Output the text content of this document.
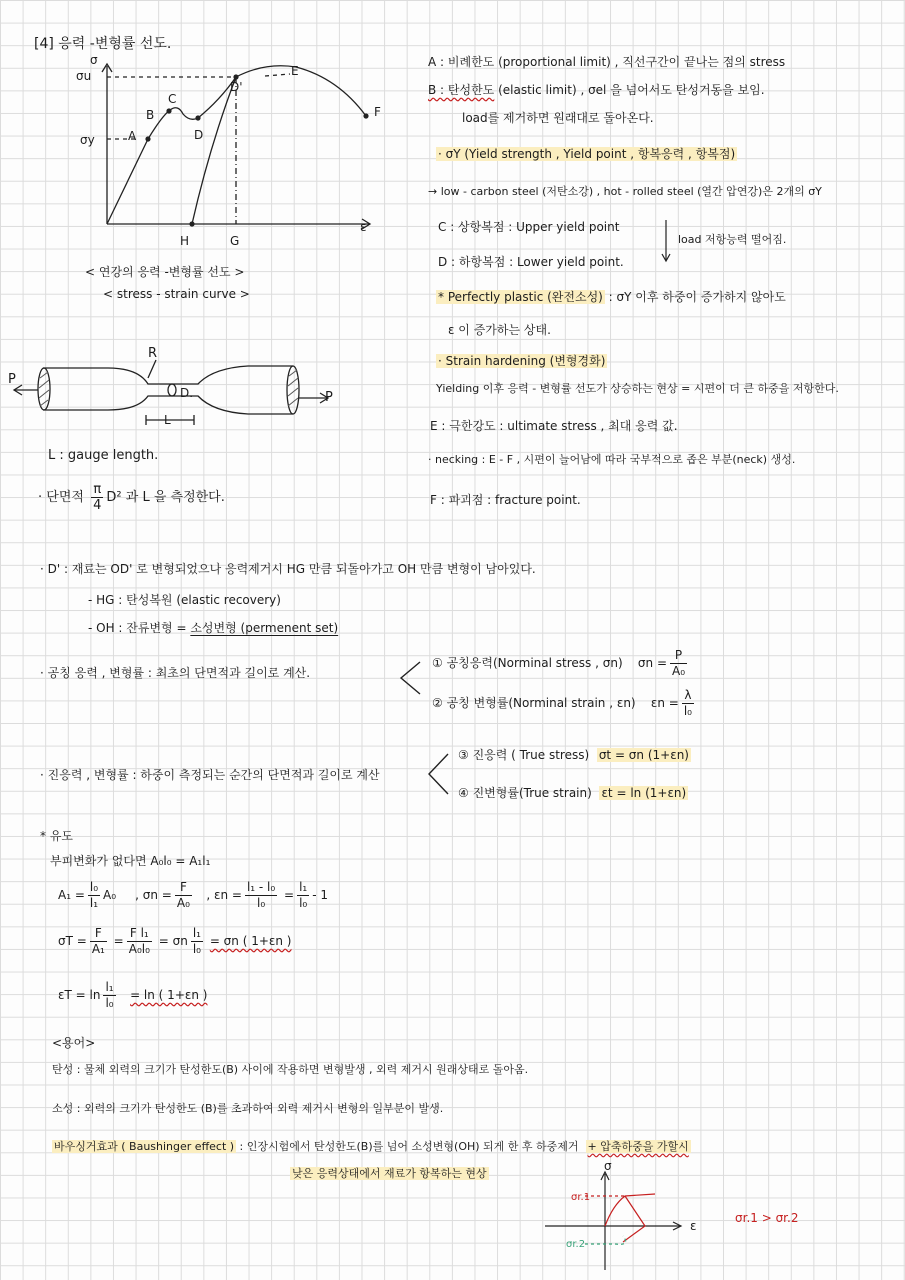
[4] 응력 -변형률 선도.
σ
ε
σu
σy	A
B
C
D
D'
E
F
H	G
< 연강의 응력 -변형률 선도 >
< stress - strain curve >
P
P
R
D.
L
L : gauge length.
· 단면적 $\frac{\pi}{4} D^2$ 과 L 을 측정한다.
A : 비례한도 (proportional limit) , 직선구간이 끝나는 점의 stress
B : 탄성한도 (elastic limit) , σel 을 넘어서도 탄성거동을 보임.
load를 제거하면 원래대로 돌아온다.
· σY (Yield strength , Yield point , 항복응력 , 항복점)
→ low - carbon steel (저탄소강) , hot - rolled steel (열간 압연강)은 2개의 σY
C : 상항복점 : Upper yield point
load 저항능력 떨어짐.
D : 하항복점 : Lower yield point.
* Perfectly plastic (완전소성) : σY 이후 하중이 증가하지 않아도
ε 이 증가하는 상태.
· Strain hardening (변형경화)
Yielding 이후 응력 - 변형률 선도가 상승하는 현상 = 시편이 더 큰 하중을 저항한다.
E : 극한강도 : ultimate stress , 최대 응력 값.
· necking : E - F , 시편이 늘어남에 따라 국부적으로 좁은 부분(neck) 생성.
F : 파괴점 : fracture point.
· D' : 재료는 OD' 로 변형되었으나 응력제거시 HG 만큼 되돌아가고 OH 만큼 변형이 남아있다.
- HG : 탄성복원 (elastic recovery)
- OH : 잔류변형 = 소성변형 (permenent set)
· 공칭 응력 , 변형률 : 최초의 단면적과 길이로 계산.
① 공칭응력(Norminal stress , σn) $\sigma n = \frac{P}{\text{A₀}}$
② 공칭 변형률(Norminal strain , εn) $\varepsilon n = \frac{\lambda}{\text{l₀}}$
· 진응력 , 변형률 : 하중이 측정되는 순간의 단면적과 길이로 계산
③ 진응력 ( True stress) σt = σn (1+εn)
④ 진변형률(True strain) εt = ln (1+εn)
* 유도
부피변화가 없다면 A₀l₀ = A₁l₁
$A_1 = \frac{\text{l₀}}{\text{l₁}} A_0$ , $\sigma n = \frac{F}{\text{A₀}}$ , $\varepsilon n = \frac{\text{l₁ - l₀}}{\text{l₀}} = \frac{\text{l₁}}{\text{l₀}} - 1$
$\sigma T = \frac{F}{\text{A₁}} = \frac{\text{F l₁}}{\text{A₀l₀}} = \sigma n \frac{\text{l₁}}{\text{l₀}} = \sigma n$ ( 1+εn )
$\varepsilon T = \ln \frac{\text{l₁}}{\text{l₀}} = \ln$ ( 1+εn )
<용어>
탄성 : 물체 외력의 크기가 탄성한도(B) 사이에 작용하면 변형발생 , 외력 제거시 원래상태로 돌아옴.
소성 : 외력의 크기가 탄성한도 (B)를 초과하여 외력 제거시 변형의 일부분이 발생.
바우싱거효과 ( Baushinger effect ) : 인장시험에서 탄성한도(B)를 넘어 소성변형(OH) 되게 한 후 하중제거 + 압축하중을 가할시
낮은 응력상태에서 재료가 항복하는 현상
σ
ε
σr.1
σr.2
σr.1 > σr.2
